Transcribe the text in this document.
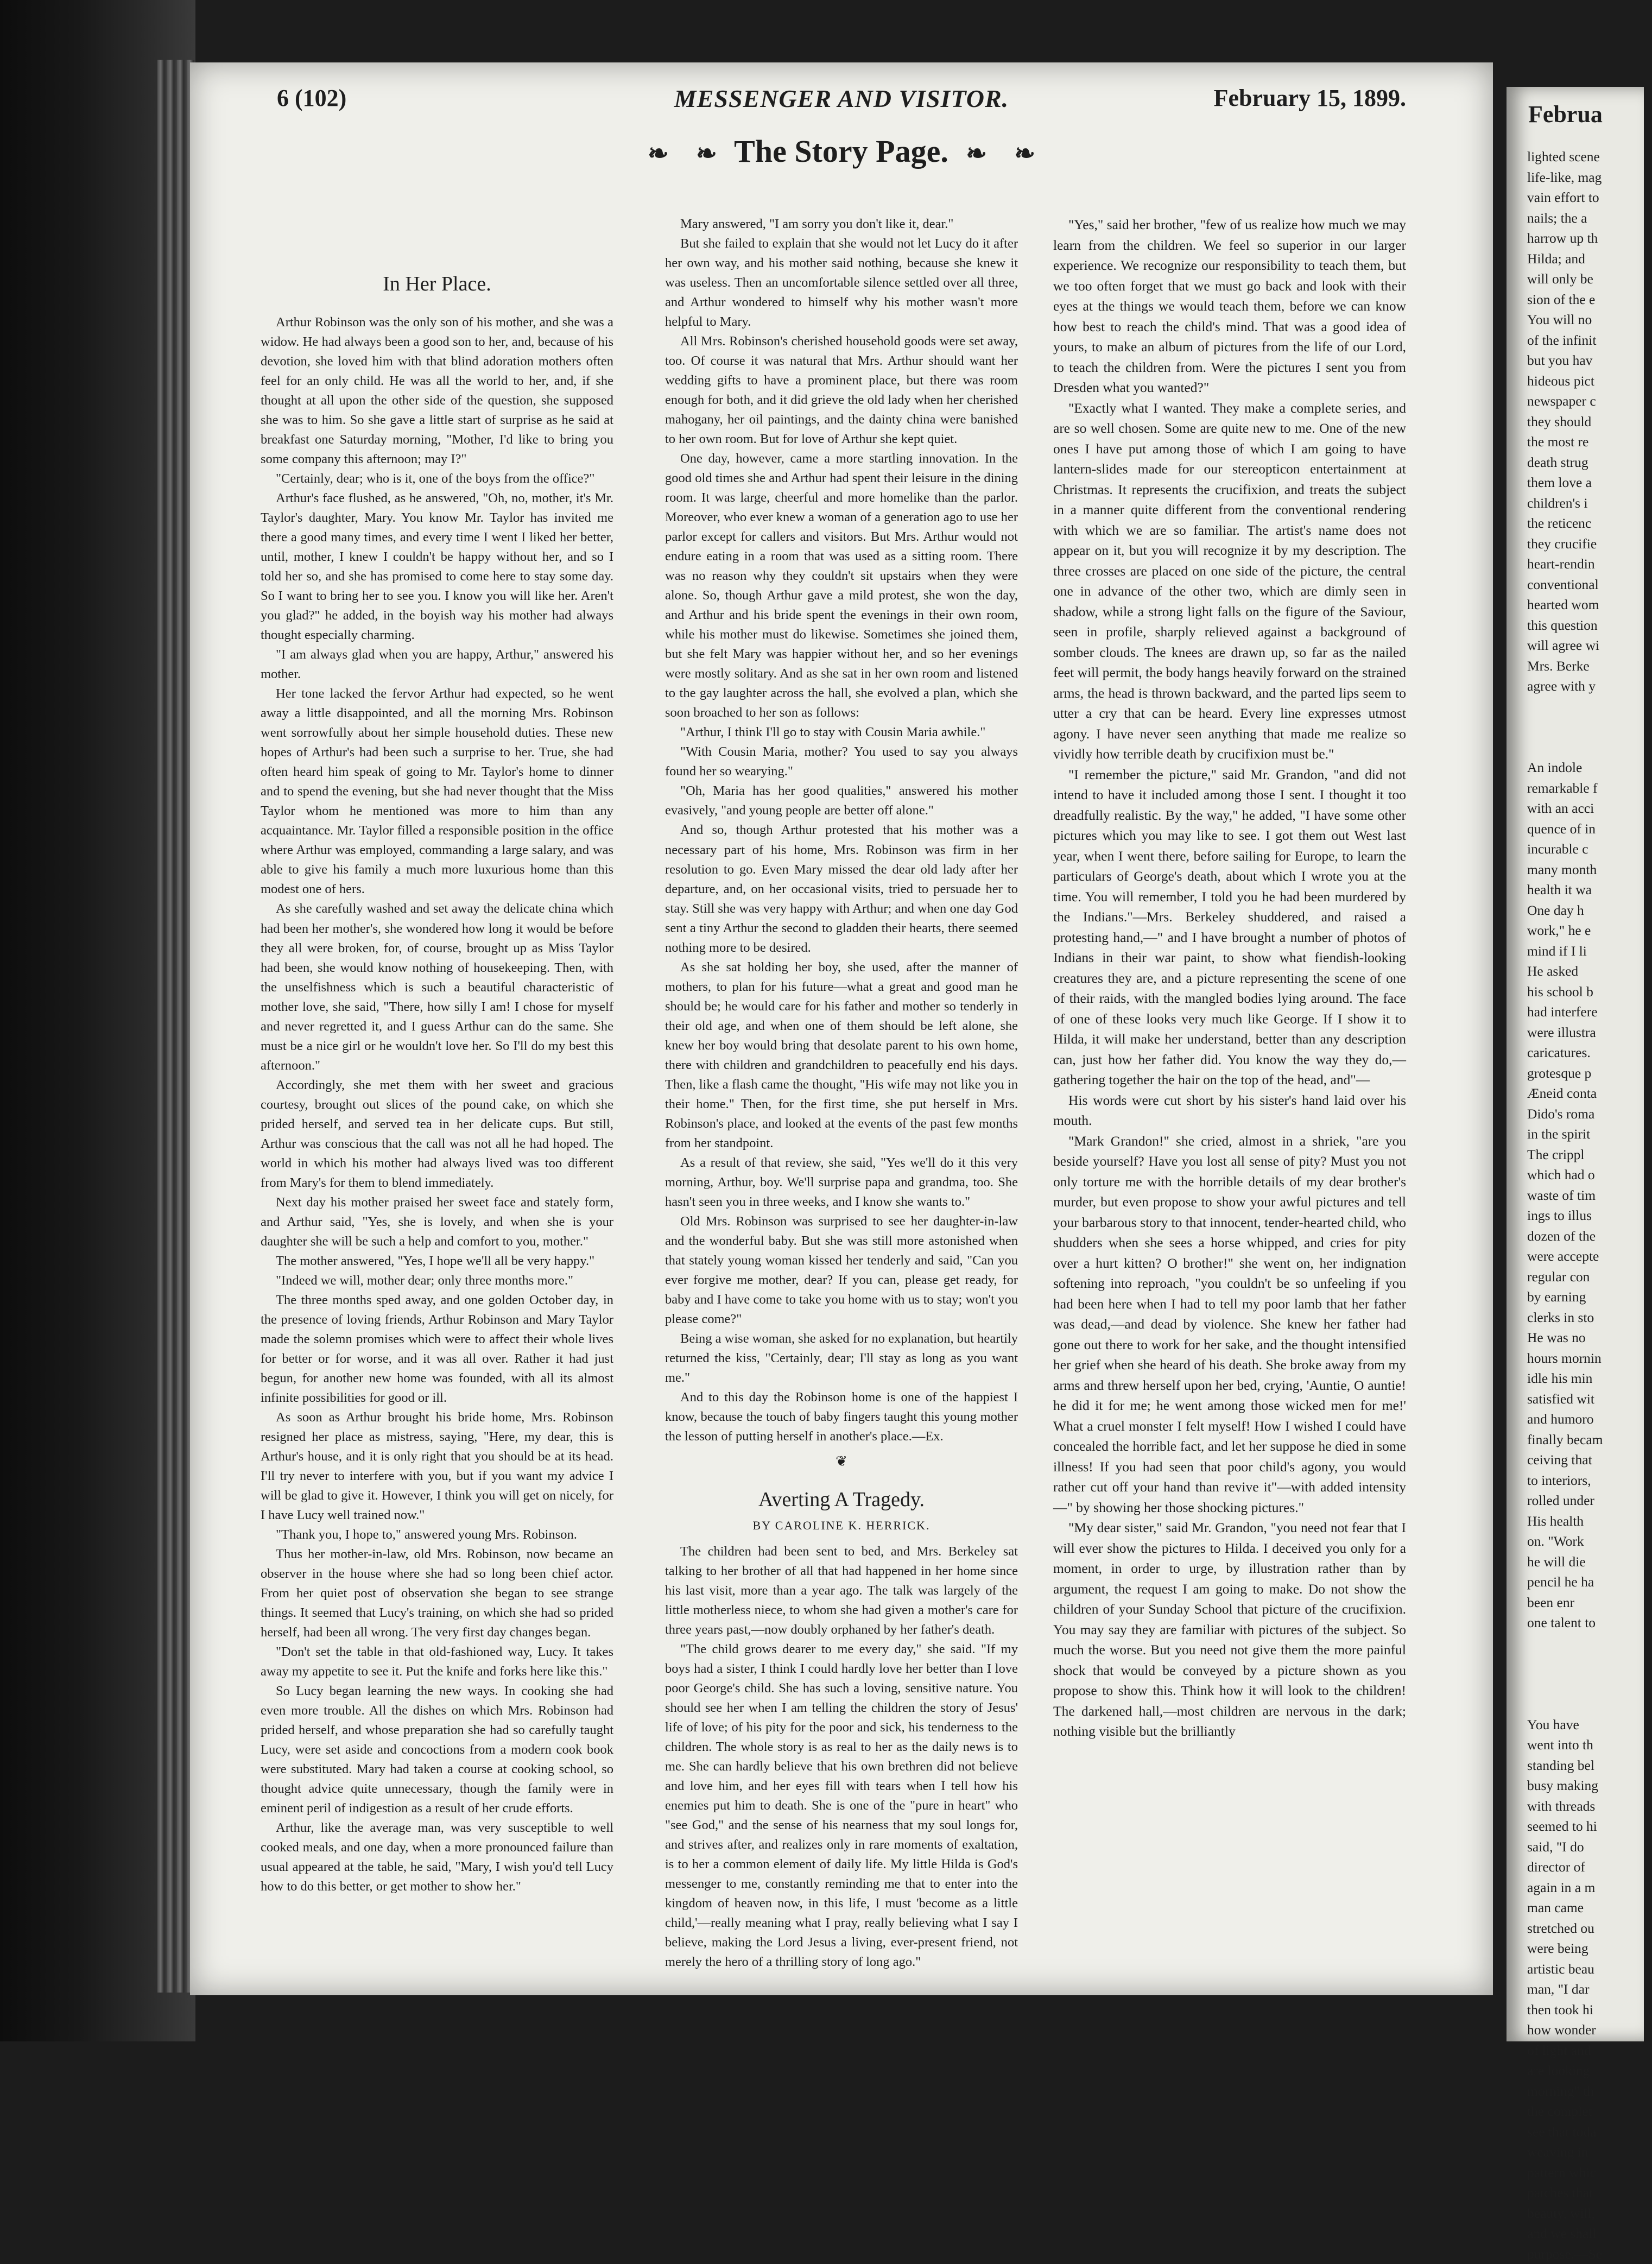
6 (102)	MESSENGER AND VISITOR.	February 15, 1899.
❧ ❧ The Story Page. ❧ ❧
In Her Place.

Arthur Robinson was the only son of his mother, and she was a widow. He had always been a good son to her, and, because of his devotion, she loved him with that blind adoration mothers often feel for an only child. He was all the world to her, and, if she thought at all upon the other side of the question, she supposed she was to him. So she gave a little start of surprise as he said at breakfast one Saturday morning, "Mother, I'd like to bring you some company this afternoon; may I?"

"Certainly, dear; who is it, one of the boys from the office?"

Arthur's face flushed, as he answered, "Oh, no, mother, it's Mr. Taylor's daughter, Mary. You know Mr. Taylor has invited me there a good many times, and every time I went I liked her better, until, mother, I knew I couldn't be happy without her, and so I told her so, and she has promised to come here to stay some day. So I want to bring her to see you. I know you will like her. Aren't you glad?" he added, in the boyish way his mother had always thought especially charming.

"I am always glad when you are happy, Arthur," answered his mother.

Her tone lacked the fervor Arthur had expected, so he went away a little disappointed, and all the morning Mrs. Robinson went sorrowfully about her simple household duties. These new hopes of Arthur's had been such a surprise to her. True, she had often heard him speak of going to Mr. Taylor's home to dinner and to spend the evening, but she had never thought that the Miss Taylor whom he mentioned was more to him than any acquaintance. Mr. Taylor filled a responsible position in the office where Arthur was employed, commanding a large salary, and was able to give his family a much more luxurious home than this modest one of hers.

As she carefully washed and set away the delicate china which had been her mother's, she wondered how long it would be before they all were broken, for, of course, brought up as Miss Taylor had been, she would know nothing of housekeeping. Then, with the unselfishness which is such a beautiful characteristic of mother love, she said, "There, how silly I am! I chose for myself and never regretted it, and I guess Arthur can do the same. She must be a nice girl or he wouldn't love her. So I'll do my best this afternoon."

Accordingly, she met them with her sweet and gracious courtesy, brought out slices of the pound cake, on which she prided herself, and served tea in her delicate cups. But still, Arthur was conscious that the call was not all he had hoped. The world in which his mother had always lived was too different from Mary's for them to blend immediately.

Next day his mother praised her sweet face and stately form, and Arthur said, "Yes, she is lovely, and when she is your daughter she will be such a help and comfort to you, mother."

The mother answered, "Yes, I hope we'll all be very happy."

"Indeed we will, mother dear; only three months more."

The three months sped away, and one golden October day, in the presence of loving friends, Arthur Robinson and Mary Taylor made the solemn promises which were to affect their whole lives for better or for worse, and it was all over. Rather it had just begun, for another new home was founded, with all its almost infinite possibilities for good or ill.

As soon as Arthur brought his bride home, Mrs. Robinson resigned her place as mistress, saying, "Here, my dear, this is Arthur's house, and it is only right that you should be at its head. I'll try never to interfere with you, but if you want my advice I will be glad to give it. However, I think you will get on nicely, for I have Lucy well trained now."

"Thank you, I hope to," answered young Mrs. Robinson.

Thus her mother-in-law, old Mrs. Robinson, now became an observer in the house where she had so long been chief actor. From her quiet post of observation she began to see strange things. It seemed that Lucy's training, on which she had so prided herself, had been all wrong. The very first day changes began.

"Don't set the table in that old-fashioned way, Lucy. It takes away my appetite to see it. Put the knife and forks here like this."

So Lucy began learning the new ways. In cooking she had even more trouble. All the dishes on which Mrs. Robinson had prided herself, and whose preparation she had so carefully taught Lucy, were set aside and concoctions from a modern cook book were substituted. Mary had taken a course at cooking school, so thought advice quite unnecessary, though the family were in eminent peril of indigestion as a result of her crude efforts.

Arthur, like the average man, was very susceptible to well cooked meals, and one day, when a more pronounced failure than usual appeared at the table, he said, "Mary, I wish you'd tell Lucy how to do this better, or get mother to show her."

Mary answered, "I am sorry you don't like it, dear."

But she failed to explain that she would not let Lucy do it after her own way, and his mother said nothing, because she knew it was useless. Then an uncomfortable silence settled over all three, and Arthur wondered to himself why his mother wasn't more helpful to Mary.

All Mrs. Robinson's cherished household goods were set away, too. Of course it was natural that Mrs. Arthur should want her wedding gifts to have a prominent place, but there was room enough for both, and it did grieve the old lady when her cherished mahogany, her oil paintings, and the dainty china were banished to her own room. But for love of Arthur she kept quiet.

One day, however, came a more startling innovation. In the good old times she and Arthur had spent their leisure in the dining room. It was large, cheerful and more homelike than the parlor. Moreover, who ever knew a woman of a generation ago to use her parlor except for callers and visitors. But Mrs. Arthur would not endure eating in a room that was used as a sitting room. There was no reason why they couldn't sit upstairs when they were alone. So, though Arthur gave a mild protest, she won the day, and Arthur and his bride spent the evenings in their own room, while his mother must do likewise. Sometimes she joined them, but she felt Mary was happier without her, and so her evenings were mostly solitary. And as she sat in her own room and listened to the gay laughter across the hall, she evolved a plan, which she soon broached to her son as follows:

"Arthur, I think I'll go to stay with Cousin Maria awhile."

"With Cousin Maria, mother? You used to say you always found her so wearying."

"Oh, Maria has her good qualities," answered his mother evasively, "and young people are better off alone."

And so, though Arthur protested that his mother was a necessary part of his home, Mrs. Robinson was firm in her resolution to go. Even Mary missed the dear old lady after her departure, and, on her occasional visits, tried to persuade her to stay. Still she was very happy with Arthur; and when one day God sent a tiny Arthur the second to gladden their hearts, there seemed nothing more to be desired.

As she sat holding her boy, she used, after the manner of mothers, to plan for his future—what a great and good man he should be; he would care for his father and mother so tenderly in their old age, and when one of them should be left alone, she knew her boy would bring that desolate parent to his own home, there with children and grandchildren to peacefully end his days. Then, like a flash came the thought, "His wife may not like you in their home." Then, for the first time, she put herself in Mrs. Robinson's place, and looked at the events of the past few months from her standpoint.

As a result of that review, she said, "Yes we'll do it this very morning, Arthur, boy. We'll surprise papa and grandma, too. She hasn't seen you in three weeks, and I know she wants to."

Old Mrs. Robinson was surprised to see her daughter-in-law and the wonderful baby. But she was still more astonished when that stately young woman kissed her tenderly and said, "Can you ever forgive me mother, dear? If you can, please get ready, for baby and I have come to take you home with us to stay; won't you please come?"

Being a wise woman, she asked for no explanation, but heartily returned the kiss, "Certainly, dear; I'll stay as long as you want me."

And to this day the Robinson home is one of the happiest I know, because the touch of baby fingers taught this young mother the lesson of putting herself in another's place.—Ex.

❦
Averting A Tragedy.
BY CAROLINE K. HERRICK.

The children had been sent to bed, and Mrs. Berkeley sat talking to her brother of all that had happened in her home since his last visit, more than a year ago. The talk was largely of the little motherless niece, to whom she had given a mother's care for three years past,—now doubly orphaned by her father's death.

"The child grows dearer to me every day," she said. "If my boys had a sister, I think I could hardly love her better than I love poor George's child. She has such a loving, sensitive nature. You should see her when I am telling the children the story of Jesus' life of love; of his pity for the poor and sick, his tenderness to the children. The whole story is as real to her as the daily news is to me. She can hardly believe that his own brethren did not believe and love him, and her eyes fill with tears when I tell how his enemies put him to death. She is one of the "pure in heart" who "see God," and the sense of his nearness that my soul longs for, and strives after, and realizes only in rare moments of exaltation, is to her a common element of daily life. My little Hilda is God's messenger to me, constantly reminding me that to enter into the kingdom of heaven now, in this life, I must 'become as a little child,'—really meaning what I pray, really believing what I say I believe, making the Lord Jesus a living, ever-present friend, not merely the hero of a thrilling story of long ago."

"Yes," said her brother, "few of us realize how much we may learn from the children. We feel so superior in our larger experience. We recognize our responsibility to teach them, but we too often forget that we must go back and look with their eyes at the things we would teach them, before we can know how best to reach the child's mind. That was a good idea of yours, to make an album of pictures from the life of our Lord, to teach the children from. Were the pictures I sent you from Dresden what you wanted?"

"Exactly what I wanted. They make a complete series, and are so well chosen. Some are quite new to me. One of the new ones I have put among those of which I am going to have lantern-slides made for our stereopticon entertainment at Christmas. It represents the crucifixion, and treats the subject in a manner quite different from the conventional rendering with which we are so familiar. The artist's name does not appear on it, but you will recognize it by my description. The three crosses are placed on one side of the picture, the central one in advance of the other two, which are dimly seen in shadow, while a strong light falls on the figure of the Saviour, seen in profile, sharply relieved against a background of somber clouds. The knees are drawn up, so far as the nailed feet will permit, the body hangs heavily forward on the strained arms, the head is thrown backward, and the parted lips seem to utter a cry that can be heard. Every line expresses utmost agony. I have never seen anything that made me realize so vividly how terrible death by crucifixion must be."

"I remember the picture," said Mr. Grandon, "and did not intend to have it included among those I sent. I thought it too dreadfully realistic. By the way," he added, "I have some other pictures which you may like to see. I got them out West last year, when I went there, before sailing for Europe, to learn the particulars of George's death, about which I wrote you at the time. You will remember, I told you he had been murdered by the Indians."—Mrs. Berkeley shuddered, and raised a protesting hand,—" and I have brought a number of photos of Indians in their war paint, to show what fiendish-looking creatures they are, and a picture representing the scene of one of their raids, with the mangled bodies lying around. The face of one of these looks very much like George. If I show it to Hilda, it will make her understand, better than any description can, just how her father did. You know the way they do,—gathering together the hair on the top of the head, and"—

His words were cut short by his sister's hand laid over his mouth.

"Mark Grandon!" she cried, almost in a shriek, "are you beside yourself? Have you lost all sense of pity? Must you not only torture me with the horrible details of my dear brother's murder, but even propose to show your awful pictures and tell your barbarous story to that innocent, tender-hearted child, who shudders when she sees a horse whipped, and cries for pity over a hurt kitten? O brother!" she went on, her indignation softening into reproach, "you couldn't be so unfeeling if you had been here when I had to tell my poor lamb that her father was dead,—and dead by violence. She knew her father had gone out there to work for her sake, and the thought intensified her grief when she heard of his death. She broke away from my arms and threw herself upon her bed, crying, 'Auntie, O auntie! he did it for me; he went among those wicked men for me!' What a cruel monster I felt myself! How I wished I could have concealed the horrible fact, and let her suppose he died in some illness! If you had seen that poor child's agony, you would rather cut off your hand than revive it"—with added intensity—" by showing her those shocking pictures."

"My dear sister," said Mr. Grandon, "you need not fear that I will ever show the pictures to Hilda. I deceived you only for a moment, in order to urge, by illustration rather than by argument, the request I am going to make. Do not show the children of your Sunday School that picture of the crucifixion. You may say they are familiar with pictures of the subject. So much the worse. But you need not give them the more painful shock that would be conveyed by a picture shown as you propose to show this. Think how it will look to the children! The darkened hall,—most children are nervous in the dark; nothing visible but the brilliantly

Februa
lighted scene
life-like, mag
vain effort to
nails; the a
harrow up th
Hilda; and
will only be
sion of the e
You will no
of the infinit
but you hav
hideous pict
newspaper c
they should
the most re
death strug
them love a
children's i
the reticenc
they crucifie
heart-rendin
conventional
hearted wom
this question
will agree wi
Mrs. Berke
agree with y
An indole
remarkable f
with an acci
quence of in
incurable c
many month
health it wa
One day h
work," he e
mind if I li
He asked
his school b
had interfere
were illustra
caricatures.
grotesque p
Æneid conta
Dido's roma
in the spirit
The crippl
which had o
waste of tim
ings to illus
dozen of the
were accepte
regular con
by earning
clerks in sto
He was no
hours mornin
idle his min
satisfied wit
and humoro
finally becam
ceiving that
to interiors,
rolled under
His health
on. "Work
he will die
pencil he ha
been enr
one talent to
You have
went into th
standing bel
busy making
with threads
seemed to hi
said, "I do
director of
again in a m
man came
stretched ou
were being
artistic beau
man, "I dar
then took hi
how wonder
of light and
are looking
morning" th
the complet
see that toda
weaving in
pattern whic
patches that
beauty, will,
and we shall
purpose.—Se
